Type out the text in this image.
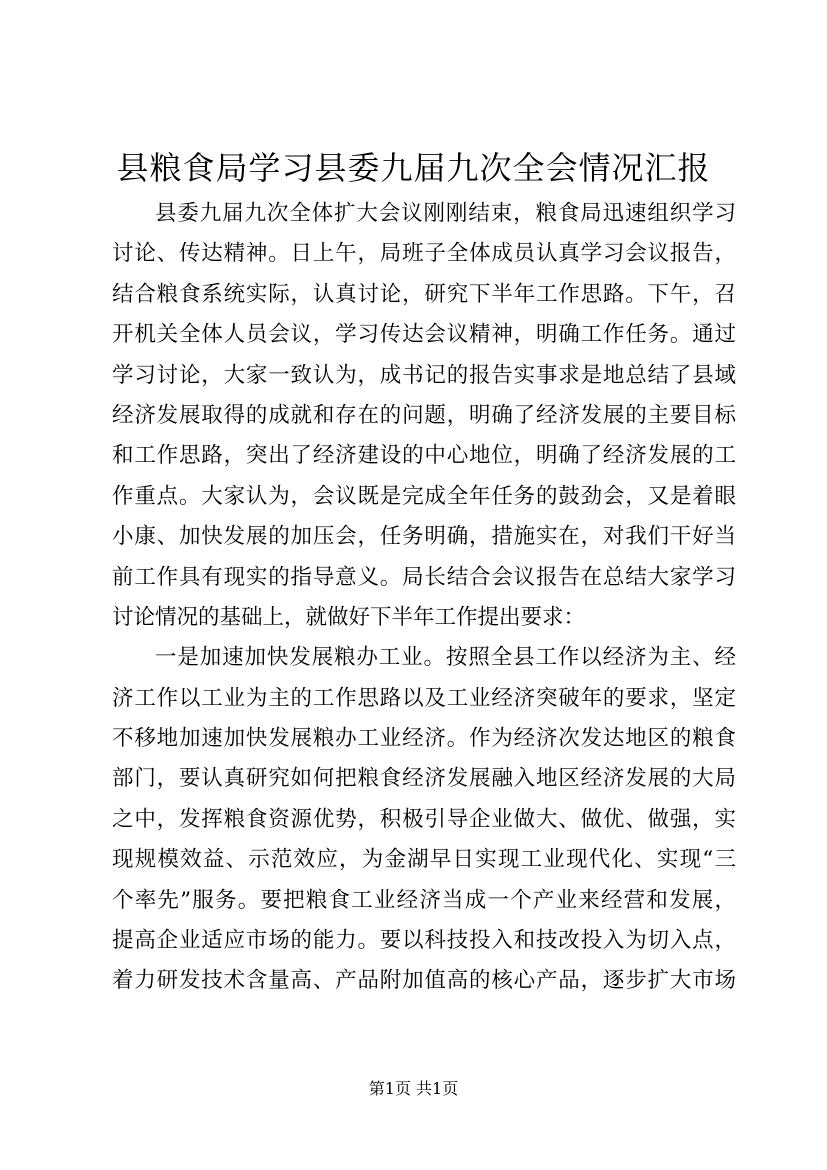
县粮食局学习县委九届九次全会情况汇报
县委九届九次全体扩大会议刚刚结束，粮食局迅速组织学习
讨论、传达精神。日上午，局班子全体成员认真学习会议报告，
结合粮食系统实际，认真讨论，研究下半年工作思路。下午，召
开机关全体人员会议，学习传达会议精神，明确工作任务。通过
学习讨论，大家一致认为，成书记的报告实事求是地总结了县域
经济发展取得的成就和存在的问题，明确了经济发展的主要目标
和工作思路，突出了经济建设的中心地位，明确了经济发展的工
作重点。大家认为，会议既是完成全年任务的鼓劲会，又是着眼
小康、加快发展的加压会，任务明确，措施实在，对我们干好当
前工作具有现实的指导意义。局长结合会议报告在总结大家学习
讨论情况的基础上，就做好下半年工作提出要求：
一是加速加快发展粮办工业。按照全县工作以经济为主、经
济工作以工业为主的工作思路以及工业经济突破年的要求，坚定
不移地加速加快发展粮办工业经济。作为经济次发达地区的粮食
部门，要认真研究如何把粮食经济发展融入地区经济发展的大局
之中，发挥粮食资源优势，积极引导企业做大、做优、做强，实
现规模效益、示范效应，为金湖早日实现工业现代化、实现“三
个率先”服务。要把粮食工业经济当成一个产业来经营和发展，
提高企业适应市场的能力。要以科技投入和技改投入为切入点，
着力研发技术含量高、产品附加值高的核心产品，逐步扩大市场
第1页 共1页
